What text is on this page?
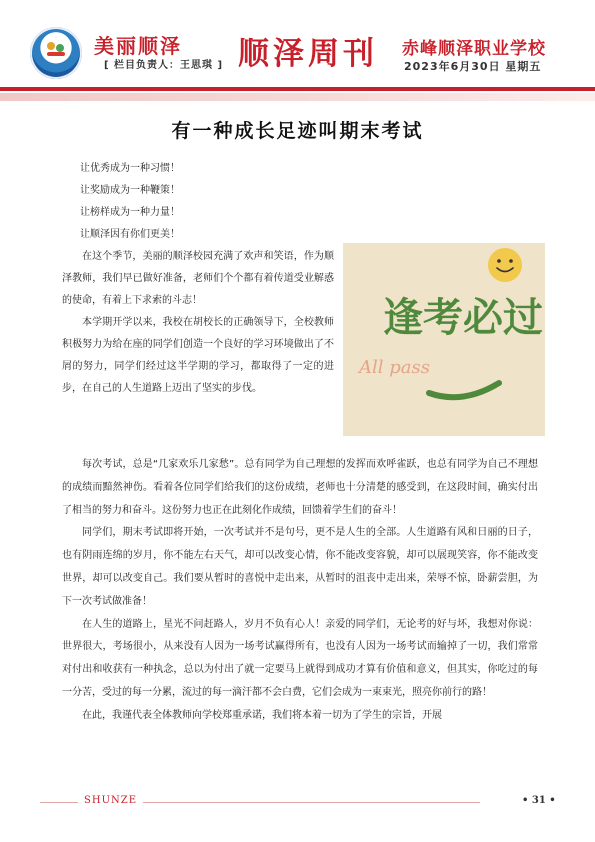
美丽顺泽
[ 栏目负责人：王思琪 ] 顺泽周刊 赤峰顺泽职业学校
2023年6月30日 星期五
有一种成长足迹叫期末考试
让优秀成为一种习惯！
让奖励成为一种鞭策！
让榜样成为一种力量！
让顺泽因有你们更美！

在这个季节，美丽的顺泽校园充满了欢声和笑语，作为顺泽教师，我们早已做好准备，老师们个个都有着传道受业解惑的使命，有着上下求索的斗志！

本学期开学以来，我校在胡校长的正确领导下，全校教师积极努力为给在座的同学们创造一个良好的学习环境做出了不屑的努力，同学们经过这半学期的学习，都取得了一定的进步，在自己的人生道路上迈出了坚实的步伐。

逢考必过
All pass

每次考试，总是“几家欢乐几家愁”。总有同学为自己理想的发挥而欢呼雀跃，也总有同学为自己不理想的成绩而黯然神伤。看着各位同学们给我们的这份成绩，老师也十分清楚的感受到，在这段时间，确实付出了相当的努力和奋斗。这份努力也正在此刻化作成绩，回馈着学生们的奋斗！

同学们，期末考试即将开始，一次考试并不是句号，更不是人生的全部。人生道路有风和日丽的日子，也有阴雨连绵的岁月，你不能左右天气，却可以改变心情，你不能改变容貌，却可以展现笑容，你不能改变世界，却可以改变自己。我们要从暂时的喜悦中走出来，从暂时的沮丧中走出来，荣辱不惊，卧薪尝胆，为下一次考试做准备！

在人生的道路上，星光不问赶路人，岁月不负有心人！亲爱的同学们，无论考的好与坏，我想对你说：世界很大，考场很小，从来没有人因为一场考试赢得所有，也没有人因为一场考试而输掉了一切，我们常常对付出和收获有一种执念，总以为付出了就一定要马上就得到成功才算有价值和意义，但其实，你吃过的每一分苦，受过的每一分累，流过的每一滴汗都不会白费，它们会成为一束束光，照亮你前行的路！

在此，我谨代表全体教师向学校郑重承诺，我们将本着一切为了学生的宗旨，开展

SHUNZE	• 31 •
